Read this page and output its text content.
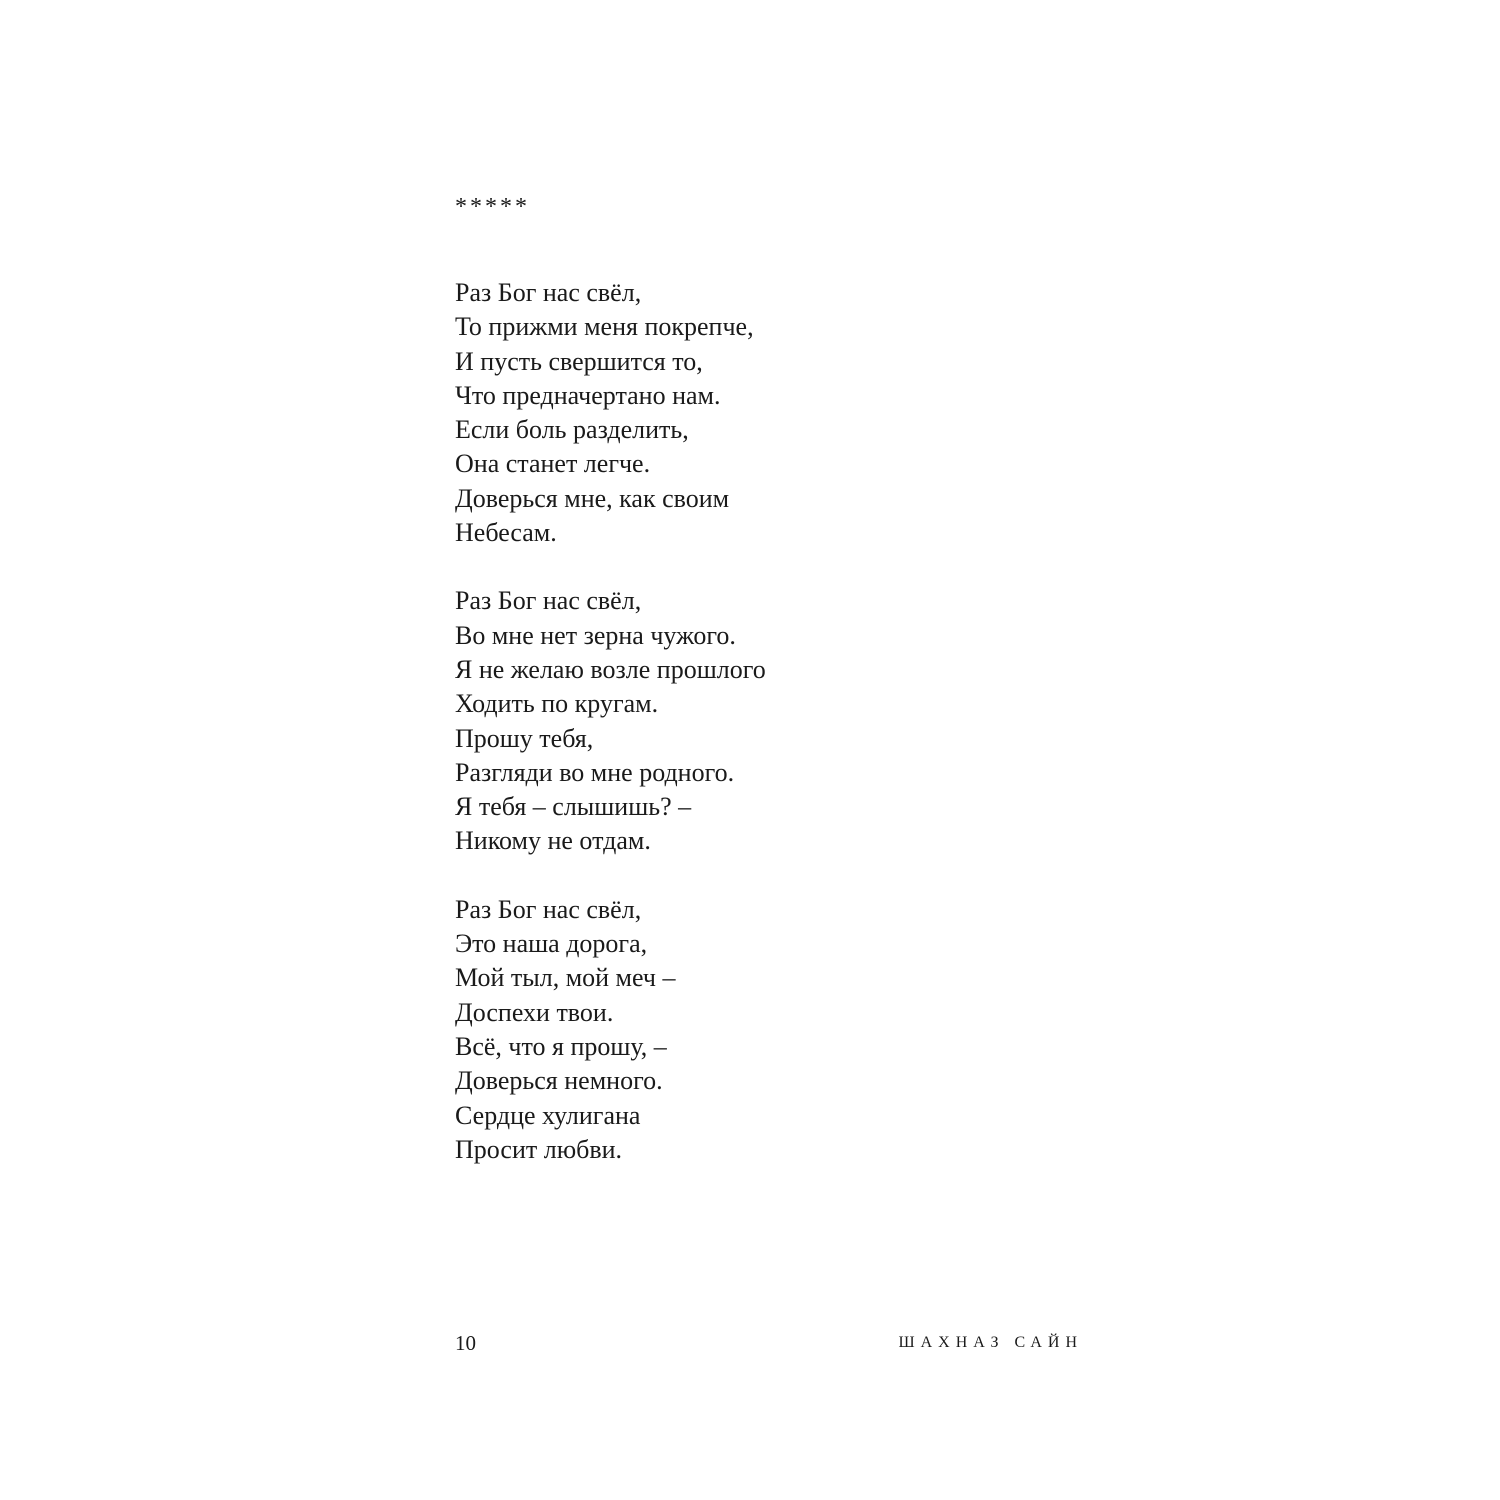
*****
Раз Бог нас свёл,
То прижми меня покрепче,
И пусть свершится то,
Что предначертано нам.
Если боль разделить,
Она станет легче.
Доверься мне, как своим
Небесам.
Раз Бог нас свёл,
Во мне нет зерна чужого.
Я не желаю возле прошлого
Ходить по кругам.
Прошу тебя,
Разгляди во мне родного.
Я тебя – слышишь? –
Никому не отдам.
Раз Бог нас свёл,
Это наша дорога,
Мой тыл, мой меч –
Доспехи твои.
Всё, что я прошу, –
Доверься немного.
Сердце хулигана
Просит любви.
10	ШАХНАЗ САЙН
